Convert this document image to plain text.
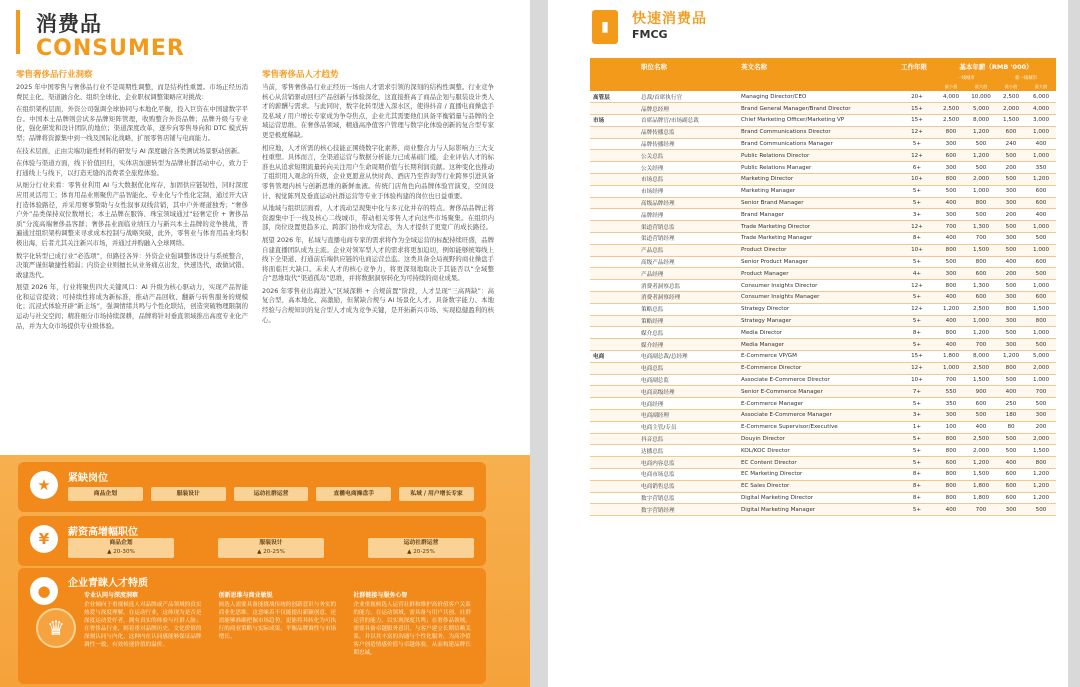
消费品
CONSUMER
零售奢侈品行业洞察

2025 年中国零售与奢侈品行业不是周期性调整，而是结构性重置。市场正经历消费民主化、渠道融合化、组织全球化、企业职权调整策略应对挑战：

在组织架构层面，外资公司强调全球协同与本地化平衡，投入巨资在中国建数字平台。中国本土品牌则尝试多品牌矩阵管理，收购整合外资品牌；品牌升级与专业化，强化研发和设计团队的地位；渠道深度改革，逐步向零售导向和 DTC 模式转型；品牌将资源集中到一线及国际化战略，扩展零售店铺与电商能力。

在技术层面，正由尖端功能性材料的研发与 AI 深度融合各类测试场景驱动创新。

在体验与渠道方面，线下价值回归，实体店加速转型为品牌社群活动中心，致力于打通线上与线下，以打造无缝的消费者全旅程体验。

从细分行业来看：零售业利用 AI 与大数据优化库存，加固供应链韧性，同时深度应用灵活用工；体育用品业则聚焦产品智能化、专业化与个性化定制，通过开大店打造体验路径，并采用赛事赞助与女性叙事双线营销，其中户外赛道独秀；“奢侈户外”品类保持双位数增长；本土品牌在服饰、珠宝领域通过“轻奢定价 + 奢侈品质”分流高端奢侈品客群；奢侈品业面临业绩压力与新兴本土品牌的竞争挑战，普遍通过组织架构调整来寻求成本控制与战略突破，此外，零售业与体育用品业均积极出海，后者尤其关注新兴市场，并通过并购融入全球网络。

数字化转型已成行业“必选项”，但路径各异：外资企业强调整体设计与系统整合，决策严谨但敏捷性稍弱；内资企业则擅长从业务痛点出发，快速迭代，敢做试错、敢建迭代。

展望 2026 年，行业将聚焦四大关键风口：AI 升级为核心驱动力，实现产品智能化和运营提效；可持续性将成为新标准，推动产品回收、翻新与转售服务的规模化；沉浸式体验开辟“新主场”，强调情绪共鸣与个性化联结，创造突破物理限制的运动与社交空间；精准细分市场持续深耕，品牌将针对垂直领域推出高度专业化产品，并为大众市场提供专业级体验。

零售奢侈品人才趋势

当前，零售奢侈品行业正经历一场由人才需求引领的深刻的结构性调整。行业竞争核心从营销驱动回归产品创新与体验深化，这直接推高了商品企划与服装设计类人才的薪酬与需求。与此同时，数字化转型进入深水区，使得抖音 / 直播电商操盘手及私域 / 用户增长专家成为争夺焦点，企业尤其需要他们具备平衡销量与品牌的全域运营思维。在奢侈品领域，精通高净值客户管理与数字化体验创新的复合型专家更是极度稀缺。

相应地，人才所需的核心技能正围绕数字化素养、商业整合力与人际影响力三大支柱重塑。具体而言，全渠道运营与数据分析能力已成基础门槛，企业评估人才的标准也从追求短期流量转向关注用户生命周期价值与长期利润贡献。这种变化也推动了组织用人观念的升级，企业更愿意从快时尚、酒店乃至咨询等行业跨界引进具备零售管理内核与创新思维的新鲜血液。传统门店角色向品牌体验官演变，空间设计、视觉陈列及垂直运动社群运营等专业于体验构建的岗位也日益重要。

从地域与组织层面看，人才流动呈现集中化与多元化并存的特点。奢侈品品牌正将资源集中于一线及核心二线城市，带动相关零售人才向这些市场聚集。在组织内部，岗位设置更趋多元、跨部门协作成为常态，为人才提供了更宽广的成长路径。

展望 2026 年，私域与直播电商专家的需求将作为全域运营的标配持续旺盛，品牌自建直播团队成为主流。企业对领军型人才的需求将更加迫切，例如能够统筹线上线下全渠道、打通前后端供应链的电商运营总监。这类具备全局视野的商业操盘手将面临巨大缺口。未来人才的核心竞争力，将更深刻地取决于其能否以“全域整合”思维取代“渠道孤岛”思维，并将数据洞察转化为可持续的商业成果。

2026 年零售业出海进入“区域深耕 + 合规前置”阶段，人才呈现“三高两缺”：高复合型、高本地化、高激励，但紧缺合规与 AI 场景化人才。具备数字能力、本地经验与合规知识的复合型人才成为竞争关键，是开拓新兴市场、实现稳健盈利的核心。

★	紧缺岗位
商品企划	服装设计	运动社群运营	直播电商操盘手	私域 / 用户增长专家
¥	薪资高增幅职位
商品企划
▲ 20-30%
服装设计
▲ 20-25%
运动社群运营
▲ 20-25%
●	企业青睐人才特质
♛
专业认同与深度洞察
企业倾向于重视候选人对品牌或产品领域的真实热爱与深度理解。在运动行业，这体现为是否是深度运动爱好者，拥有真实的体验与社群人脉；在奢侈品行业，则着重对品牌历史、文化价值的深刻认同与内化，这种内在认同感能够保证品牌调性一致，有效传递价值的溢价。
创新思维与商业敏锐
候选人需要具备能挑战传统的创新意识与务实的商业化思维。这意味着不仅能提出新颖创意，还需能够准确把握市场趋势，更能将其转化为可执行的商业策略与实际成果，平衡品牌调性与市场增长。
社群链接与服务心智
企业重视候选人运营社群和维护高价值客户关系的能力。在运动领域，需具备与用户共创、社群运营的能力，以实现深度共鸣；在奢侈品领域，需要具备卓越服务意识，与客户建立长期信赖关系，并以其丰富的沟通与个性化服务，为高净值客户创造情感价值与卓越体验，从而构建品牌长期忠诚。
▮	快速消费品
FMCG
	职位名称	英文名称	工作年限	基本年薪（RMB '000）			
				一线城市		新一线城市	
				最小值	最大值	最小值	最大值
高管层	总裁/首席执行官	Managing Director/CEO	20+	4,000	10,000	2,500	6,000
	品牌总经理	Brand General Manager/Brand Director	15+	2,500	5,000	2,000	4,000
市场	首席品牌官/市场副总裁	Chief Marketing Officer/Marketing VP	15+	2,500	8,000	1,500	3,000
	品牌传播总监	Brand Communications Director	12+	800	1,200	600	1,000
	品牌传播经理	Brand Communications Manager	5+	300	500	240	400
	公关总监	Public Relations Director	12+	600	1,200	500	1,000
	公关经理	Public Relations Manager	6+	300	500	200	350
	市场总监	Marketing Director	10+	800	2,000	500	1,200
	市场经理	Marketing Manager	5+	500	1,000	300	600
	高级品牌经理	Senior Brand Manager	5+	400	800	300	600
	品牌经理	Brand Manager	3+	300	500	200	400
	渠道营销总监	Trade Marketing Director	12+	700	1,300	500	1,000
	渠道营销经理	Trade Marketing Manager	8+	400	700	300	500
	产品总监	Product Director	10+	800	1,500	500	1,000
	高级产品经理	Senior Product Manager	5+	500	800	400	600
	产品经理	Product Manager	4+	300	600	200	500
	消费者洞察总监	Consumer Insights Director	12+	800	1,300	500	1,000
	消费者洞察经理	Consumer Insights Manager	5+	400	600	300	600
	策略总监	Strategy Director	12+	1,200	2,500	800	1,500
	策略经理	Strategy Manager	5+	400	1,000	300	800
	媒介总监	Media Director	8+	800	1,200	500	1,000
	媒介经理	Media Manager	5+	400	700	300	500
电商	电商副总裁/总经理	E-Commerce VP/GM	15+	1,800	8,000	1,200	5,000
	电商总监	E-Commerce Director	12+	1,000	2,500	800	2,000
	电商副总监	Associate E-Commerce Director	10+	700	1,500	500	1,000
	电商高级经理	Senior E-Commerce Manager	7+	550	900	400	700
	电商经理	E-Commerce Manager	5+	350	600	250	500
	电商副经理	Associate E-Commerce Manager	3+	300	500	180	300
	电商主管/专员	E-Commerce Supervisor/Executive	1+	100	400	80	200
	抖音总监	Douyin Director	5+	800	2,500	500	2,000
	达播总监	KOL/KOC Director	5+	800	2,000	500	1,500
	电商内容总监	EC Content Director	5+	600	1,200	400	800
	电商市场总监	EC Marketing Director	8+	800	1,500	600	1,200
	电商销售总监	EC Sales Director	8+	800	1,800	600	1,200
	数字营销总监	Digital Marketing Director	8+	800	1,800	600	1,200
	数字营销经理	Digital Marketing Manager	5+	400	700	300	500
